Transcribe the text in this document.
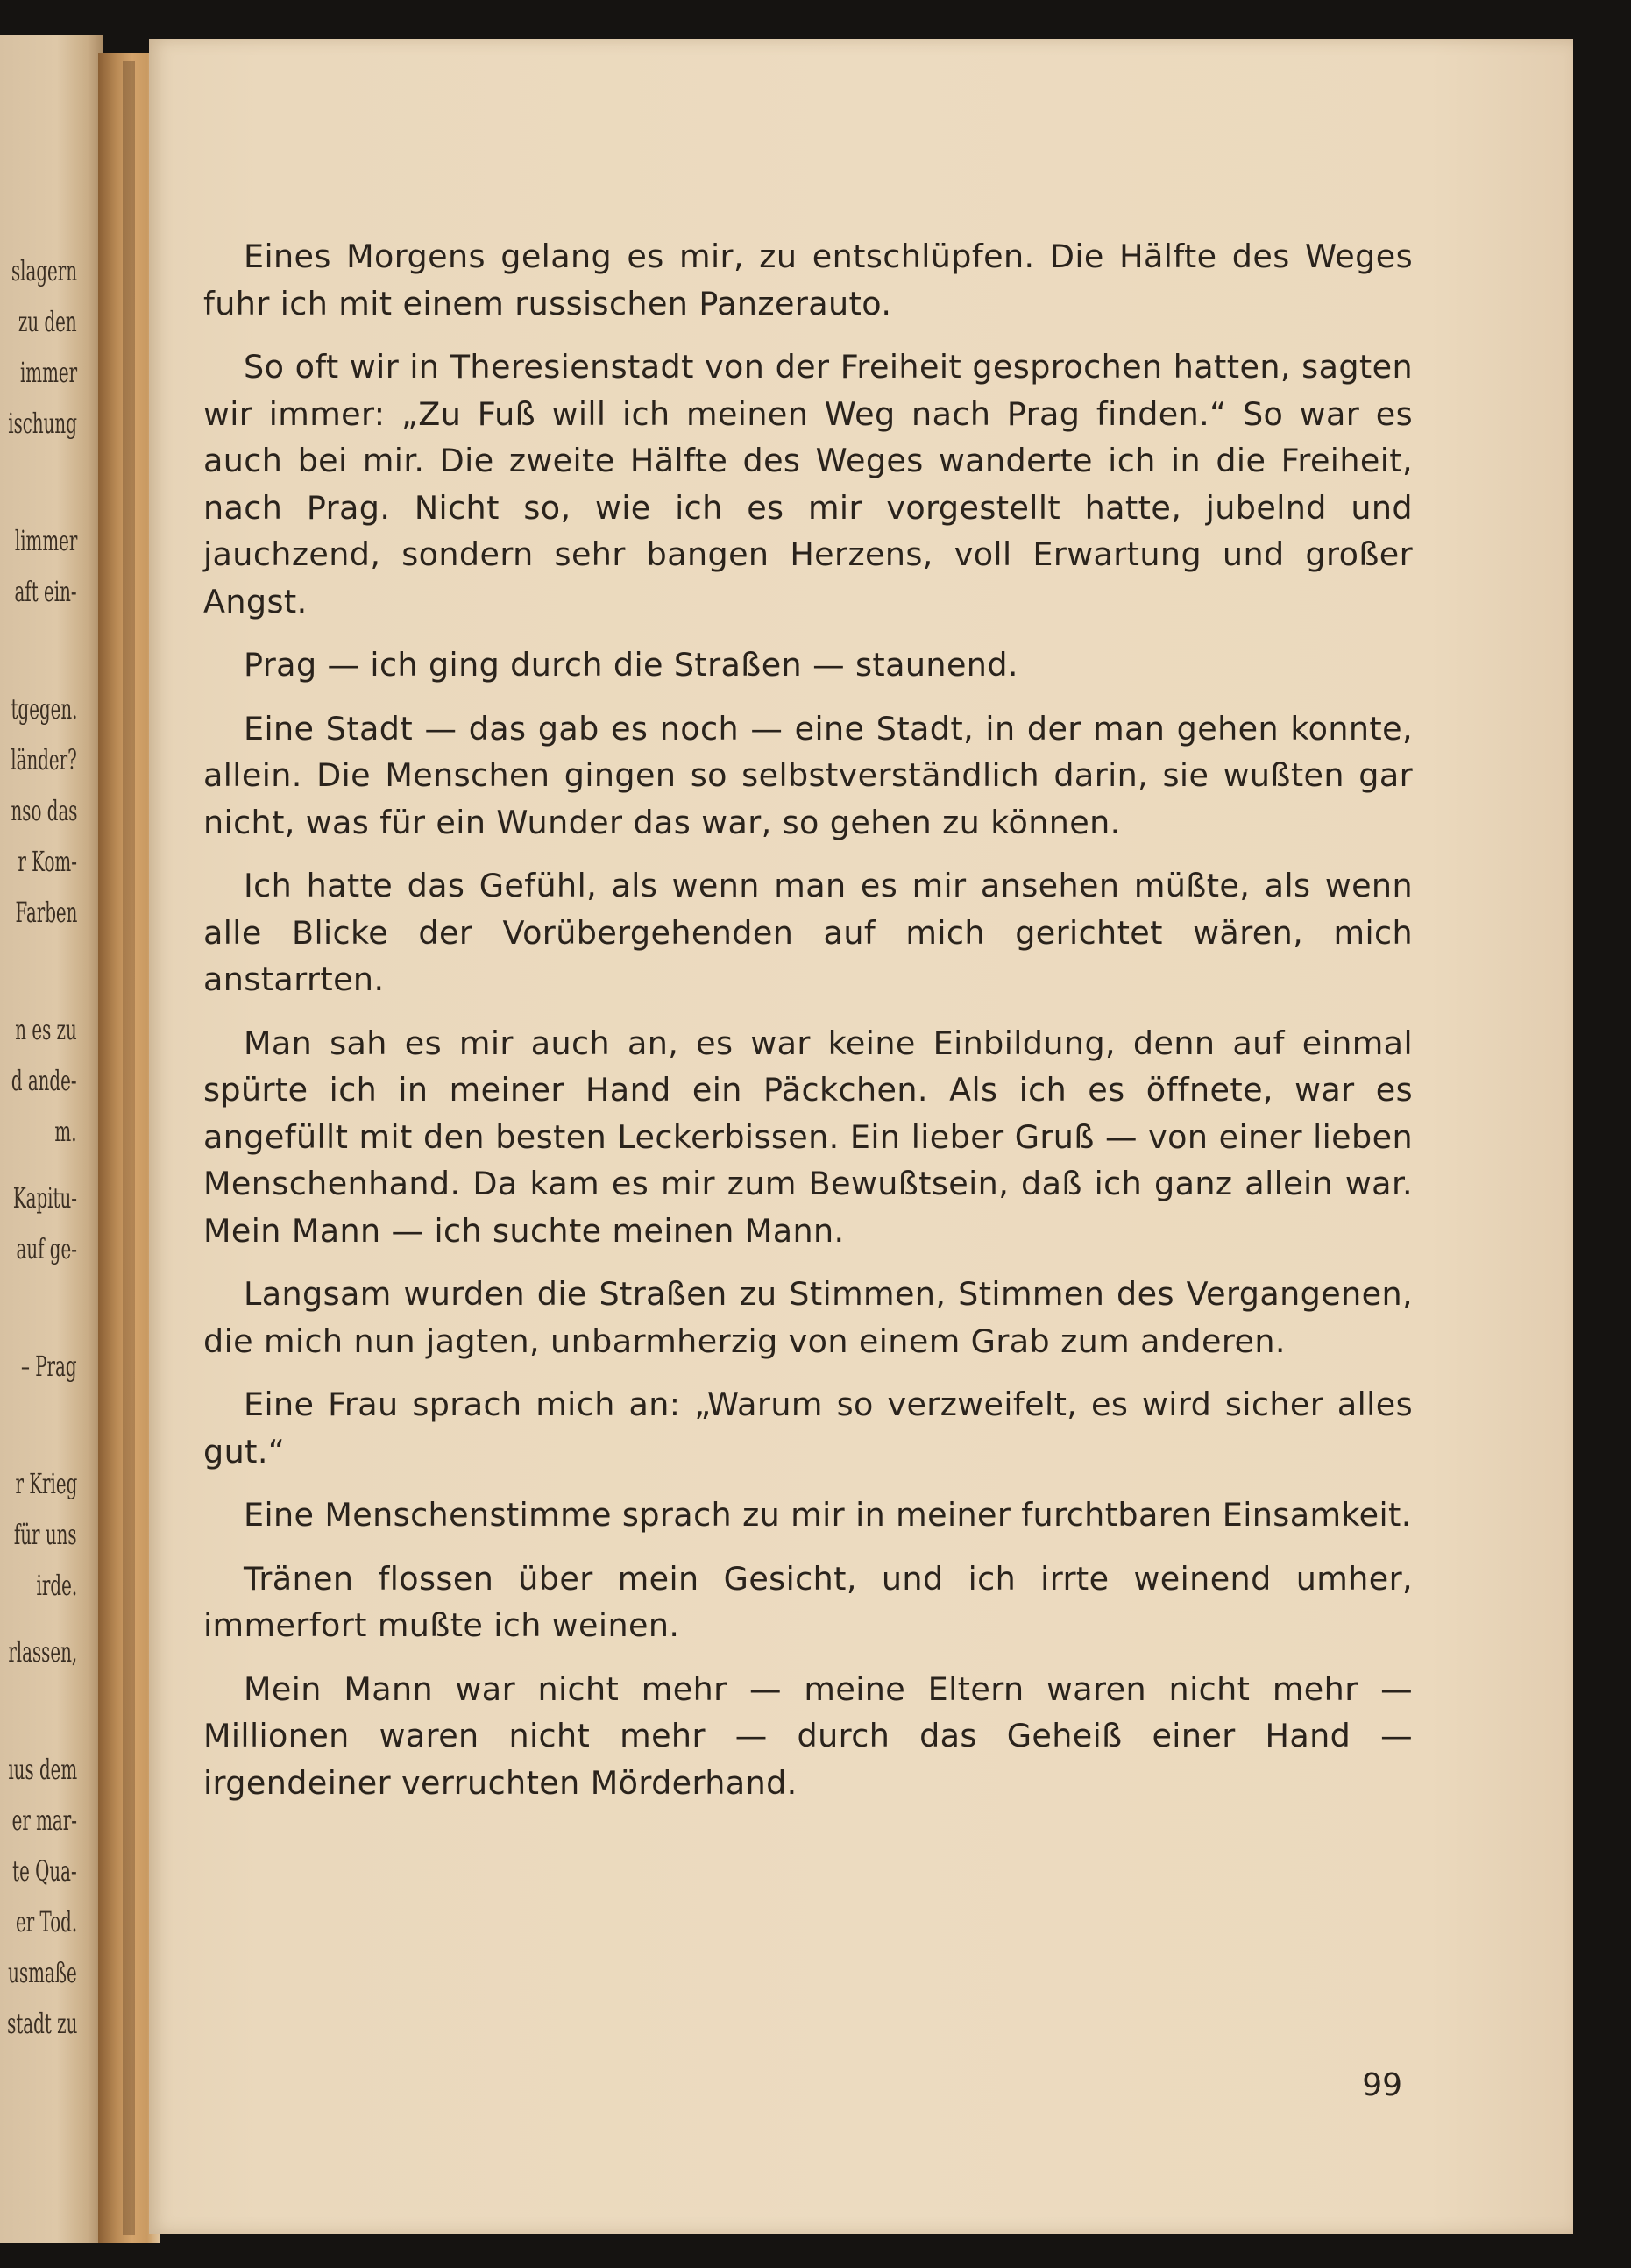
slagern
zu den
immer
ischung
limmer
aft ein-
tgegen.
länder?
nso das
r Kom-
Farben
n es zu
d ande-
m.
Kapitu-
auf ge-
– Prag
r Krieg
für uns
irde.
rlassen,
ıus dem
er mar-
te Qua-
er Tod.
usmaße
stadt zu

Eines Morgens gelang es mir, zu entschlüpfen. Die Hälfte des Weges fuhr ich mit einem russischen Panzerauto.

So oft wir in Theresienstadt von der Freiheit gesprochen hatten, sagten wir immer: „Zu Fuß will ich meinen Weg nach Prag finden.“ So war es auch bei mir. Die zweite Hälfte des Weges wanderte ich in die Freiheit, nach Prag. Nicht so, wie ich es mir vorgestellt hatte, jubelnd und jauchzend, sondern sehr bangen Herzens, voll Erwartung und großer Angst.

Prag — ich ging durch die Straßen — staunend.

Eine Stadt — das gab es noch — eine Stadt, in der man gehen konnte, allein. Die Menschen gingen so selbstverständlich darin, sie wußten gar nicht, was für ein Wunder das war, so gehen zu können.

Ich hatte das Gefühl, als wenn man es mir ansehen müßte, als wenn alle Blicke der Vorübergehenden auf mich gerichtet wären, mich anstarrten.

Man sah es mir auch an, es war keine Einbildung, denn auf einmal spürte ich in meiner Hand ein Päckchen. Als ich es öffnete, war es angefüllt mit den besten Leckerbissen. Ein lieber Gruß — von einer lieben Menschenhand. Da kam es mir zum Bewußtsein, daß ich ganz allein war. Mein Mann — ich suchte meinen Mann.

Langsam wurden die Straßen zu Stimmen, Stimmen des Vergangenen, die mich nun jagten, unbarmherzig von einem Grab zum anderen.

Eine Frau sprach mich an: „Warum so verzweifelt, es wird sicher alles gut.“

Eine Menschenstimme sprach zu mir in meiner furchtbaren Einsamkeit.

Tränen flossen über mein Gesicht, und ich irrte weinend umher, immerfort mußte ich weinen.

Mein Mann war nicht mehr — meine Eltern waren nicht mehr — Millionen waren nicht mehr — durch das Geheiß einer Hand — irgendeiner verruchten Mörderhand.

99
